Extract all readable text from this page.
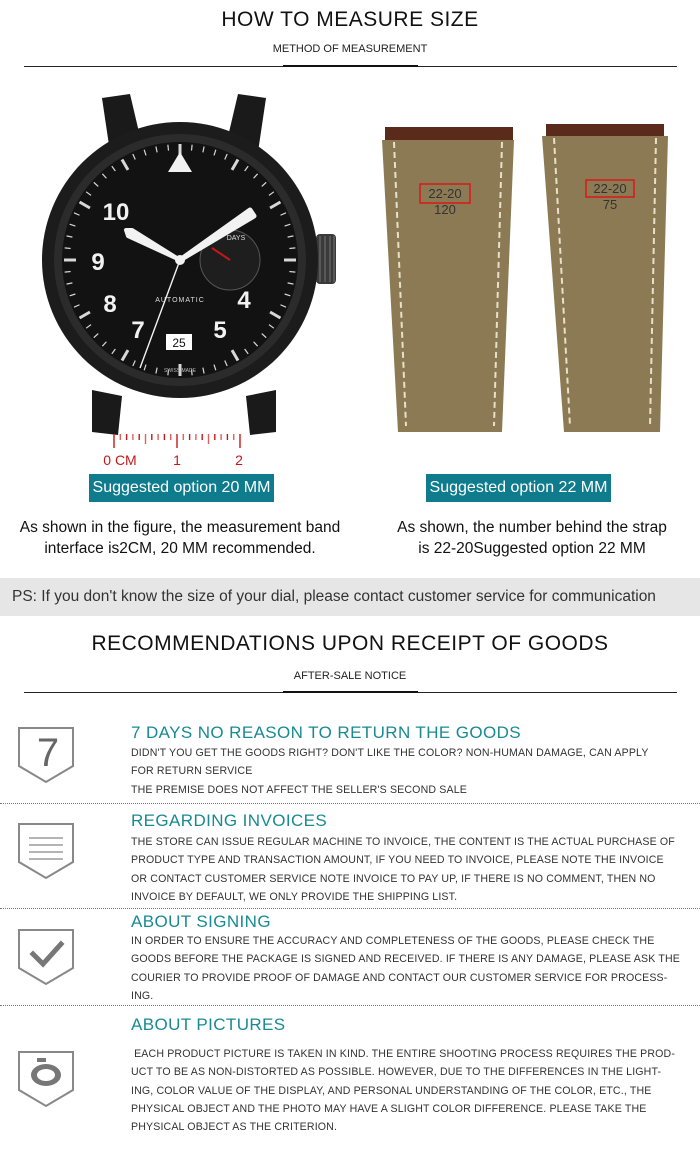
HOW TO MEASURE SIZE
METHOD OF MEASUREMENT
10
9
8
7	5
4
DAYS
AUTOMATIC
25
SWISS MADE
0 CM	1	2
22-20
120
22-20
75
Suggested option 20 MM	Suggested option 22 MM
As shown in the figure, the measurement band
interface is2CM, 20 MM recommended.
As shown, the number behind the strap
is 22-20Suggested option 22 MM
PS: If you don't know the size of your dial, please contact customer service for communication
RECOMMENDATIONS UPON RECEIPT OF GOODS
AFTER-SALE NOTICE
7	7 DAYS NO REASON TO RETURN THE GOODS

DIDN'T YOU GET THE GOODS RIGHT? DON'T LIKE THE COLOR? NON-HUMAN DAMAGE, CAN APPLY

FOR RETURN SERVICE

THE PREMISE DOES NOT AFFECT THE SELLER'S SECOND SALE

REGARDING INVOICES

THE STORE CAN ISSUE REGULAR MACHINE TO INVOICE, THE CONTENT IS THE ACTUAL PURCHASE OF

PRODUCT TYPE AND TRANSACTION AMOUNT, IF YOU NEED TO INVOICE, PLEASE NOTE THE INVOICE

OR CONTACT CUSTOMER SERVICE NOTE INVOICE TO PAY UP, IF THERE IS NO COMMENT, THEN NO

INVOICE BY DEFAULT, WE ONLY PROVIDE THE SHIPPING LIST.

ABOUT SIGNING

IN ORDER TO ENSURE THE ACCURACY AND COMPLETENESS OF THE GOODS, PLEASE CHECK THE

GOODS BEFORE THE PACKAGE IS SIGNED AND RECEIVED. IF THERE IS ANY DAMAGE, PLEASE ASK THE

COURIER TO PROVIDE PROOF OF DAMAGE AND CONTACT OUR CUSTOMER SERVICE FOR PROCESS-

ING.

ABOUT PICTURES

EACH PRODUCT PICTURE IS TAKEN IN KIND. THE ENTIRE SHOOTING PROCESS REQUIRES THE PROD-

UCT TO BE AS NON-DISTORTED AS POSSIBLE. HOWEVER, DUE TO THE DIFFERENCES IN THE LIGHT-

ING, COLOR VALUE OF THE DISPLAY, AND PERSONAL UNDERSTANDING OF THE COLOR, ETC., THE

PHYSICAL OBJECT AND THE PHOTO MAY HAVE A SLIGHT COLOR DIFFERENCE. PLEASE TAKE THE

PHYSICAL OBJECT AS THE CRITERION.
